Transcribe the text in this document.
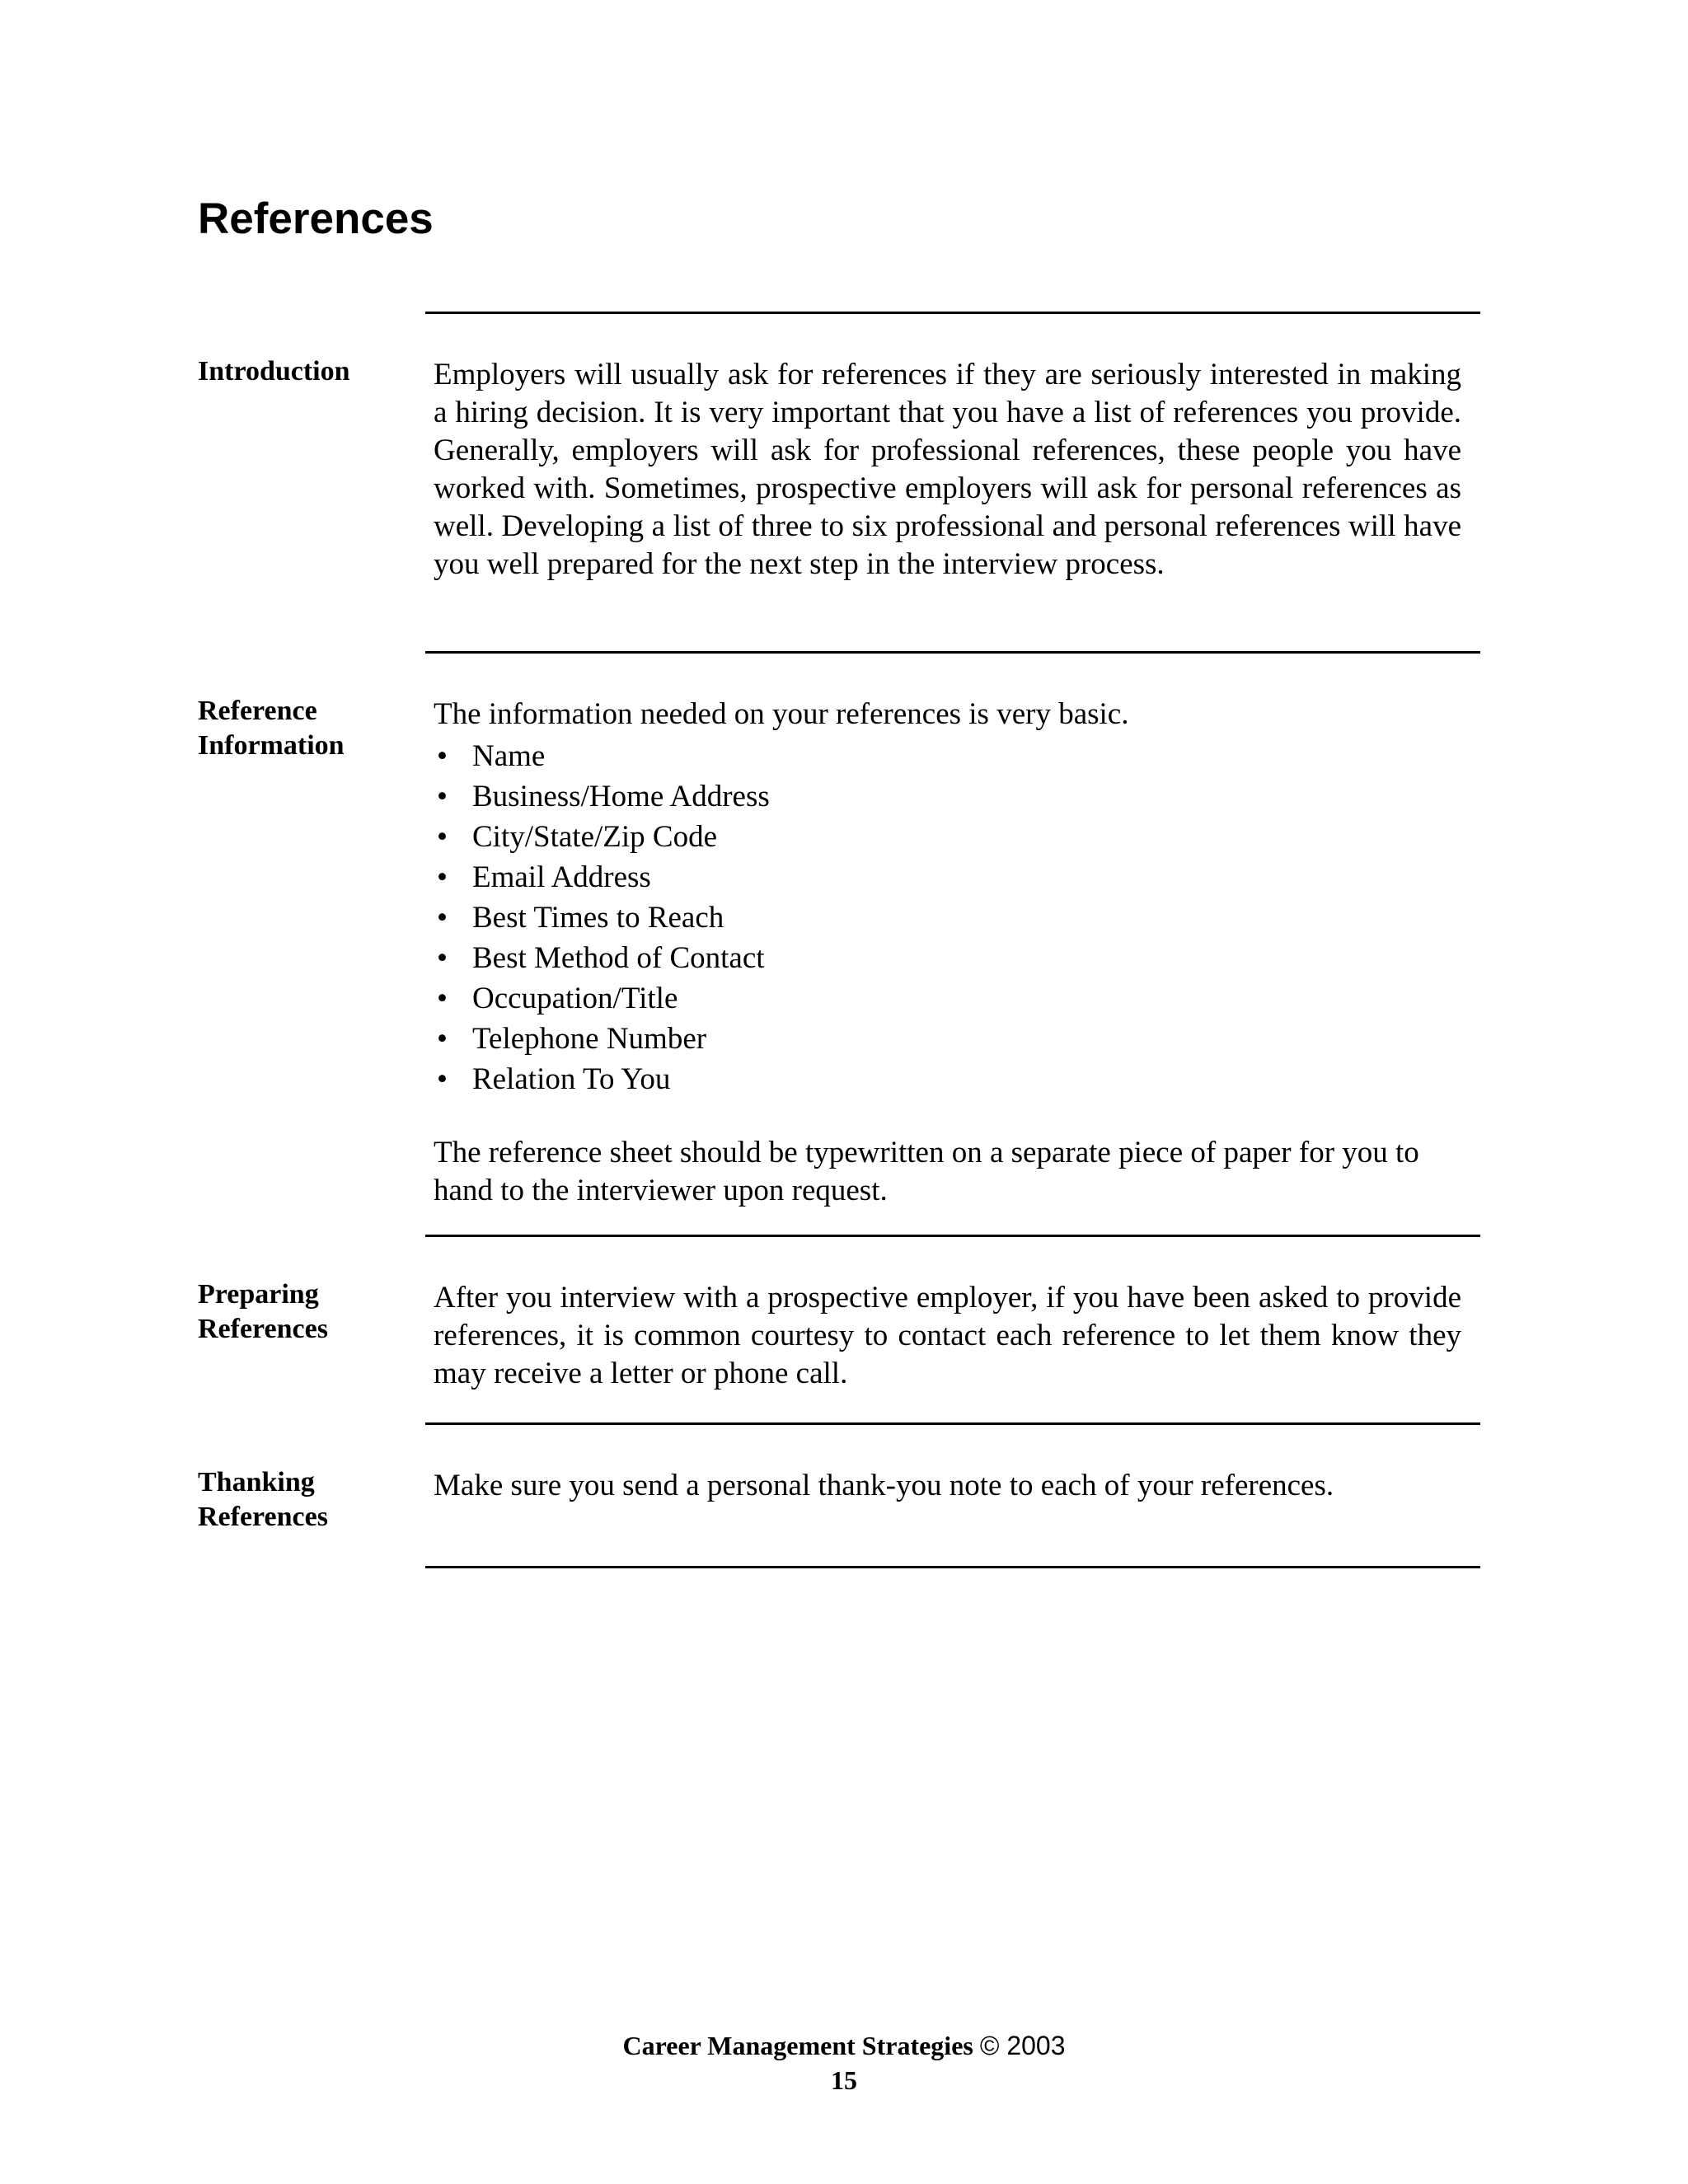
References
Introduction	Employers will usually ask for references if they are seriously interested in making a hiring decision. It is very important that you have a list of references you provide. Generally, employers will ask for professional references, these people you have worked with. Sometimes, prospective employers will ask for personal references as well. Developing a list of three to six professional and personal references will have you well prepared for the next step in the interview process.

Reference
Information

The information needed on your references is very basic.

• Name
• Business/Home Address
• City/State/Zip Code
• Email Address
• Best Times to Reach
• Best Method of Contact
• Occupation/Title
• Telephone Number
• Relation To You

The reference sheet should be typewritten on a separate piece of paper for you to hand to the interviewer upon request.

Preparing
References

After you interview with a prospective employer, if you have been asked to provide references, it is common courtesy to contact each reference to let them know they may receive a letter or phone call.

Thanking
References

Make sure you send a personal thank-you note to each of your references.

Career Management Strategies © 2003
15
